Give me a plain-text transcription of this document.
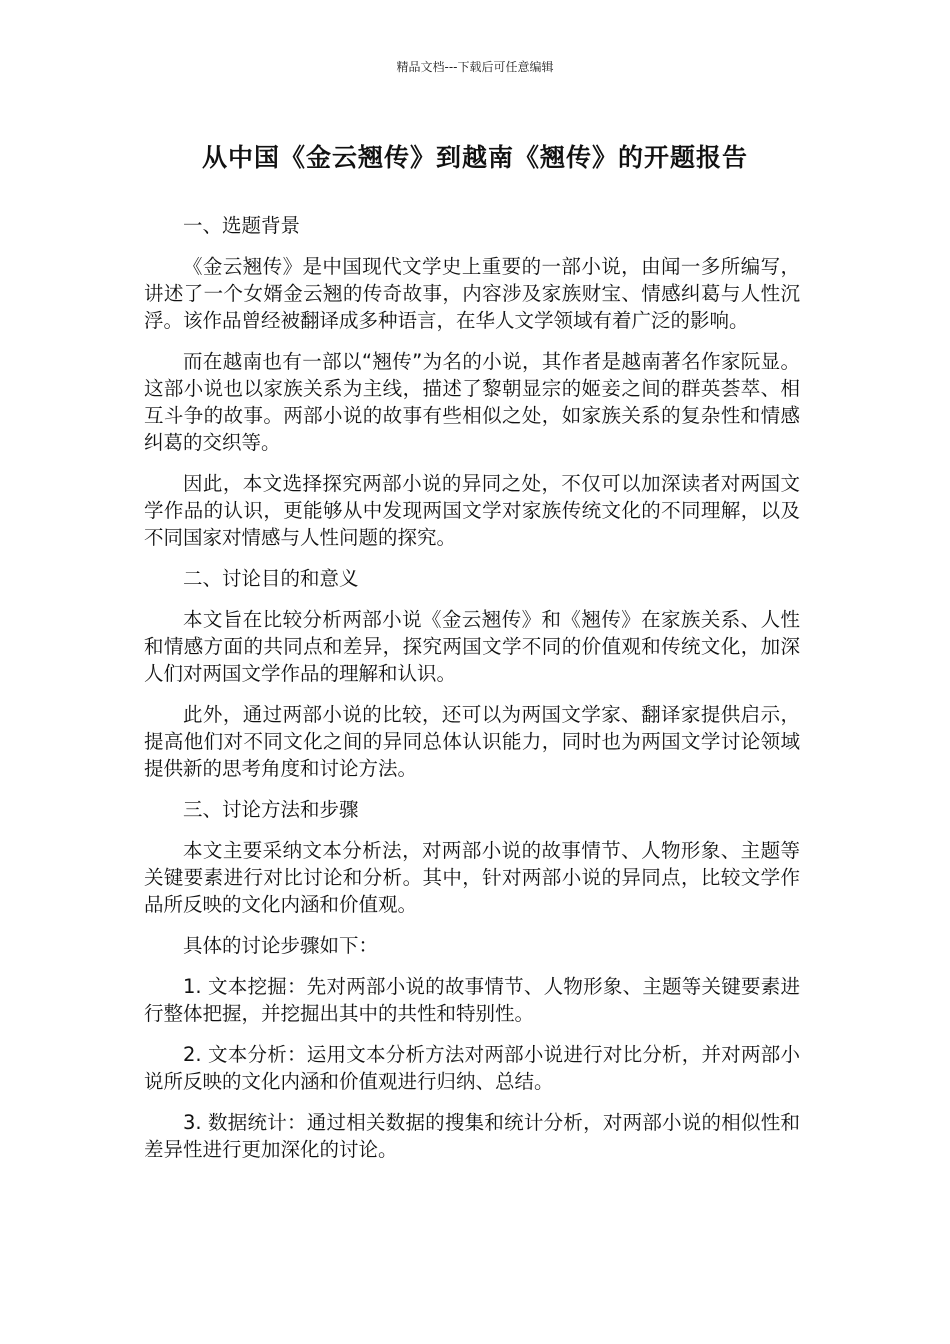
精品文档---下载后可任意编辑
从中国《金云翘传》到越南《翘传》的开题报告

一、选题背景

《金云翘传》是中国现代文学史上重要的一部小说，由闻一多所编写，讲述了一个女婿金云翘的传奇故事，内容涉及家族财宝、情感纠葛与人性沉浮。该作品曾经被翻译成多种语言，在华人文学领域有着广泛的影响。

而在越南也有一部以“翘传”为名的小说，其作者是越南著名作家阮显。这部小说也以家族关系为主线，描述了黎朝显宗的姬妾之间的群英荟萃、相互斗争的故事。两部小说的故事有些相似之处，如家族关系的复杂性和情感纠葛的交织等。

因此，本文选择探究两部小说的异同之处，不仅可以加深读者对两国文学作品的认识，更能够从中发现两国文学对家族传统文化的不同理解，以及不同国家对情感与人性问题的探究。

二、讨论目的和意义

本文旨在比较分析两部小说《金云翘传》和《翘传》在家族关系、人性和情感方面的共同点和差异，探究两国文学不同的价值观和传统文化，加深人们对两国文学作品的理解和认识。

此外，通过两部小说的比较，还可以为两国文学家、翻译家提供启示，提高他们对不同文化之间的异同总体认识能力，同时也为两国文学讨论领域提供新的思考角度和讨论方法。

三、讨论方法和步骤

本文主要采纳文本分析法，对两部小说的故事情节、人物形象、主题等关键要素进行对比讨论和分析。其中，针对两部小说的异同点，比较文学作品所反映的文化内涵和价值观。

具体的讨论步骤如下：

1. 文本挖掘：先对两部小说的故事情节、人物形象、主题等关键要素进行整体把握，并挖掘出其中的共性和特别性。

2. 文本分析：运用文本分析方法对两部小说进行对比分析，并对两部小说所反映的文化内涵和价值观进行归纳、总结。

3. 数据统计：通过相关数据的搜集和统计分析，对两部小说的相似性和差异性进行更加深化的讨论。
